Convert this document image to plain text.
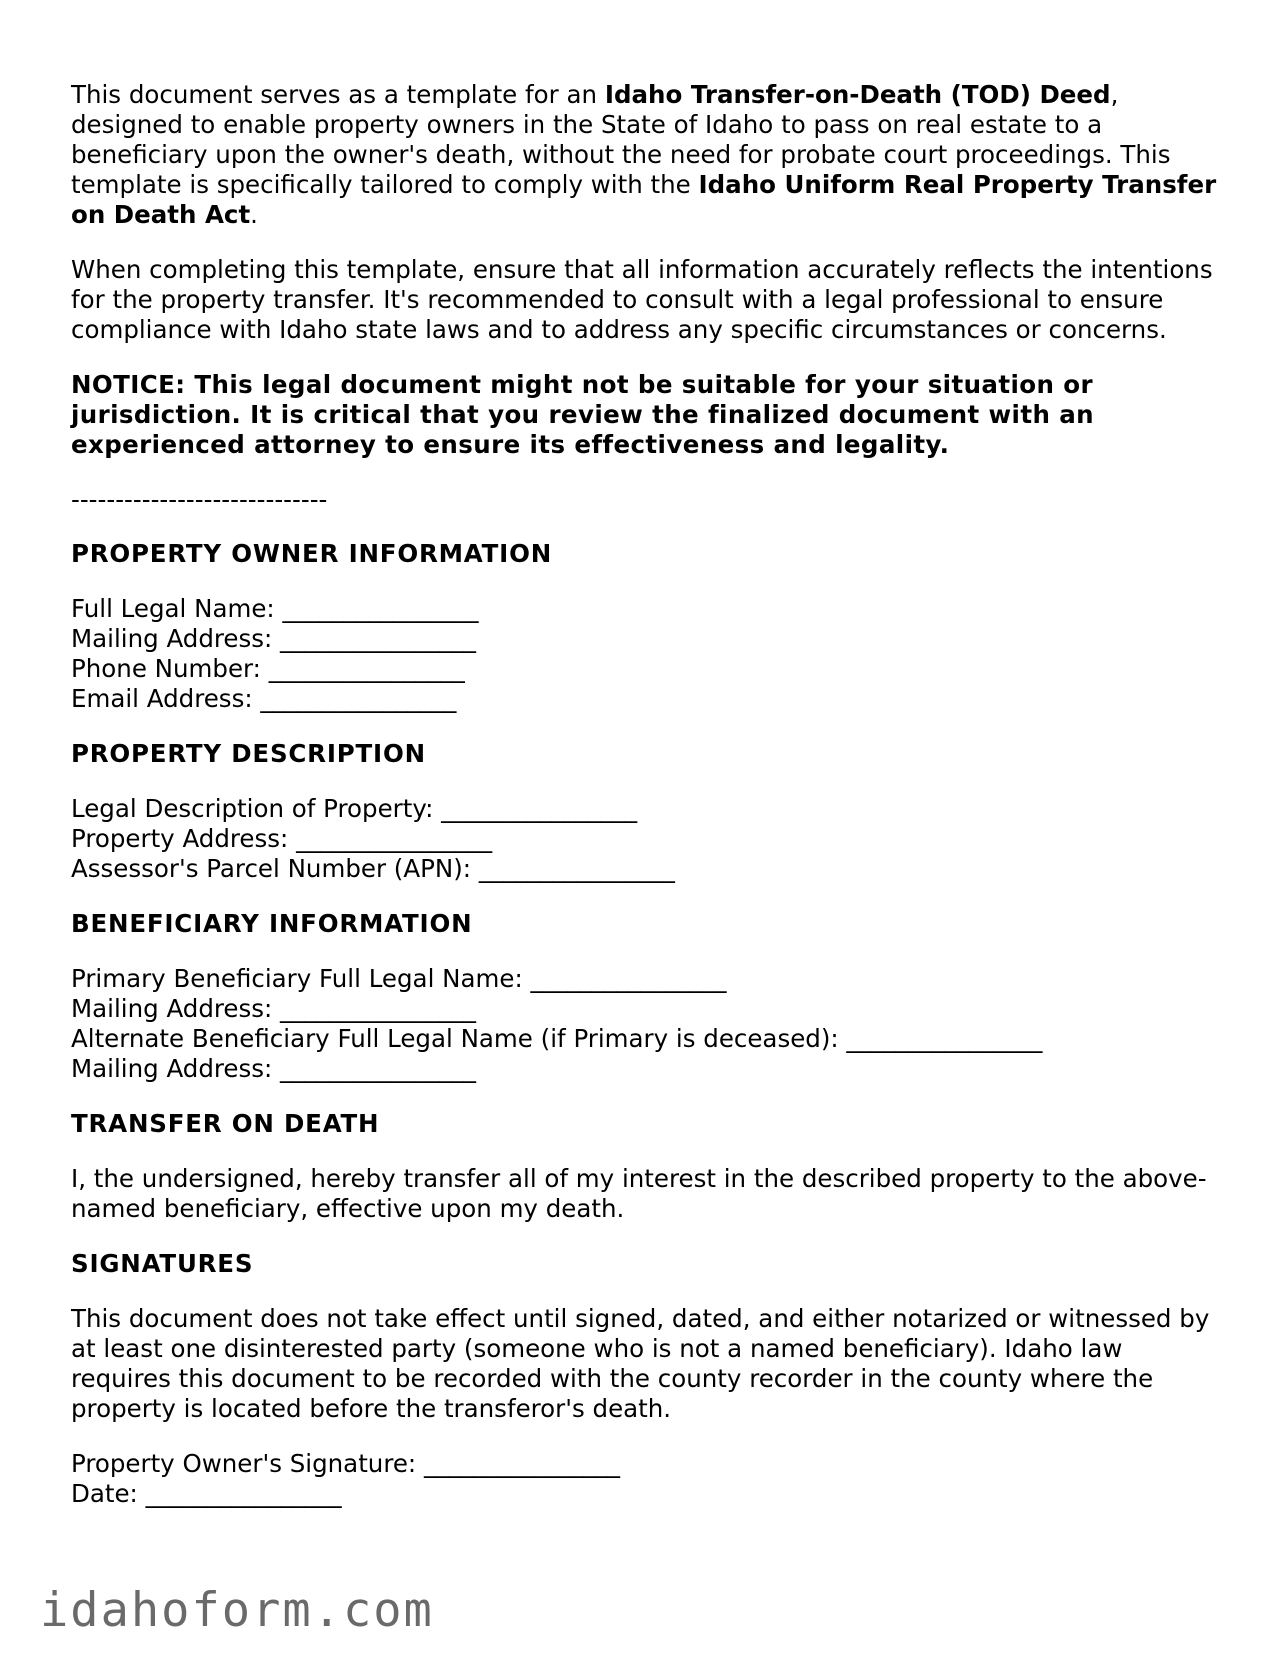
This document serves as a template for an Idaho Transfer-on-Death (TOD) Deed, designed to enable property owners in the State of Idaho to pass on real estate to a beneficiary upon the owner's death, without the need for probate court proceedings. This template is specifically tailored to comply with the Idaho Uniform Real Property Transfer on Death Act.

When completing this template, ensure that all information accurately reflects the intentions for the property transfer. It's recommended to consult with a legal professional to ensure compliance with Idaho state laws and to address any specific circumstances or concerns.

NOTICE: This legal document might not be suitable for your situation or jurisdiction. It is critical that you review the finalized document with an experienced attorney to ensure its effectiveness and legality.

-----------------------------
PROPERTY OWNER INFORMATION
Full Legal Name: ________________
Mailing Address: ________________
Phone Number: ________________
Email Address: ________________
PROPERTY DESCRIPTION
Legal Description of Property: ________________
Property Address: ________________
Assessor's Parcel Number (APN): ________________
BENEFICIARY INFORMATION
Primary Beneficiary Full Legal Name: ________________
Mailing Address: ________________
Alternate Beneficiary Full Legal Name (if Primary is deceased): ________________
Mailing Address: ________________
TRANSFER ON DEATH

I, the undersigned, hereby transfer all of my interest in the described property to the above-named beneficiary, effective upon my death.

SIGNATURES

This document does not take effect until signed, dated, and either notarized or witnessed by at least one disinterested party (someone who is not a named beneficiary). Idaho law requires this document to be recorded with the county recorder in the county where the property is located before the transferor's death.

Property Owner's Signature: ________________
Date: ________________
idahoform.com
